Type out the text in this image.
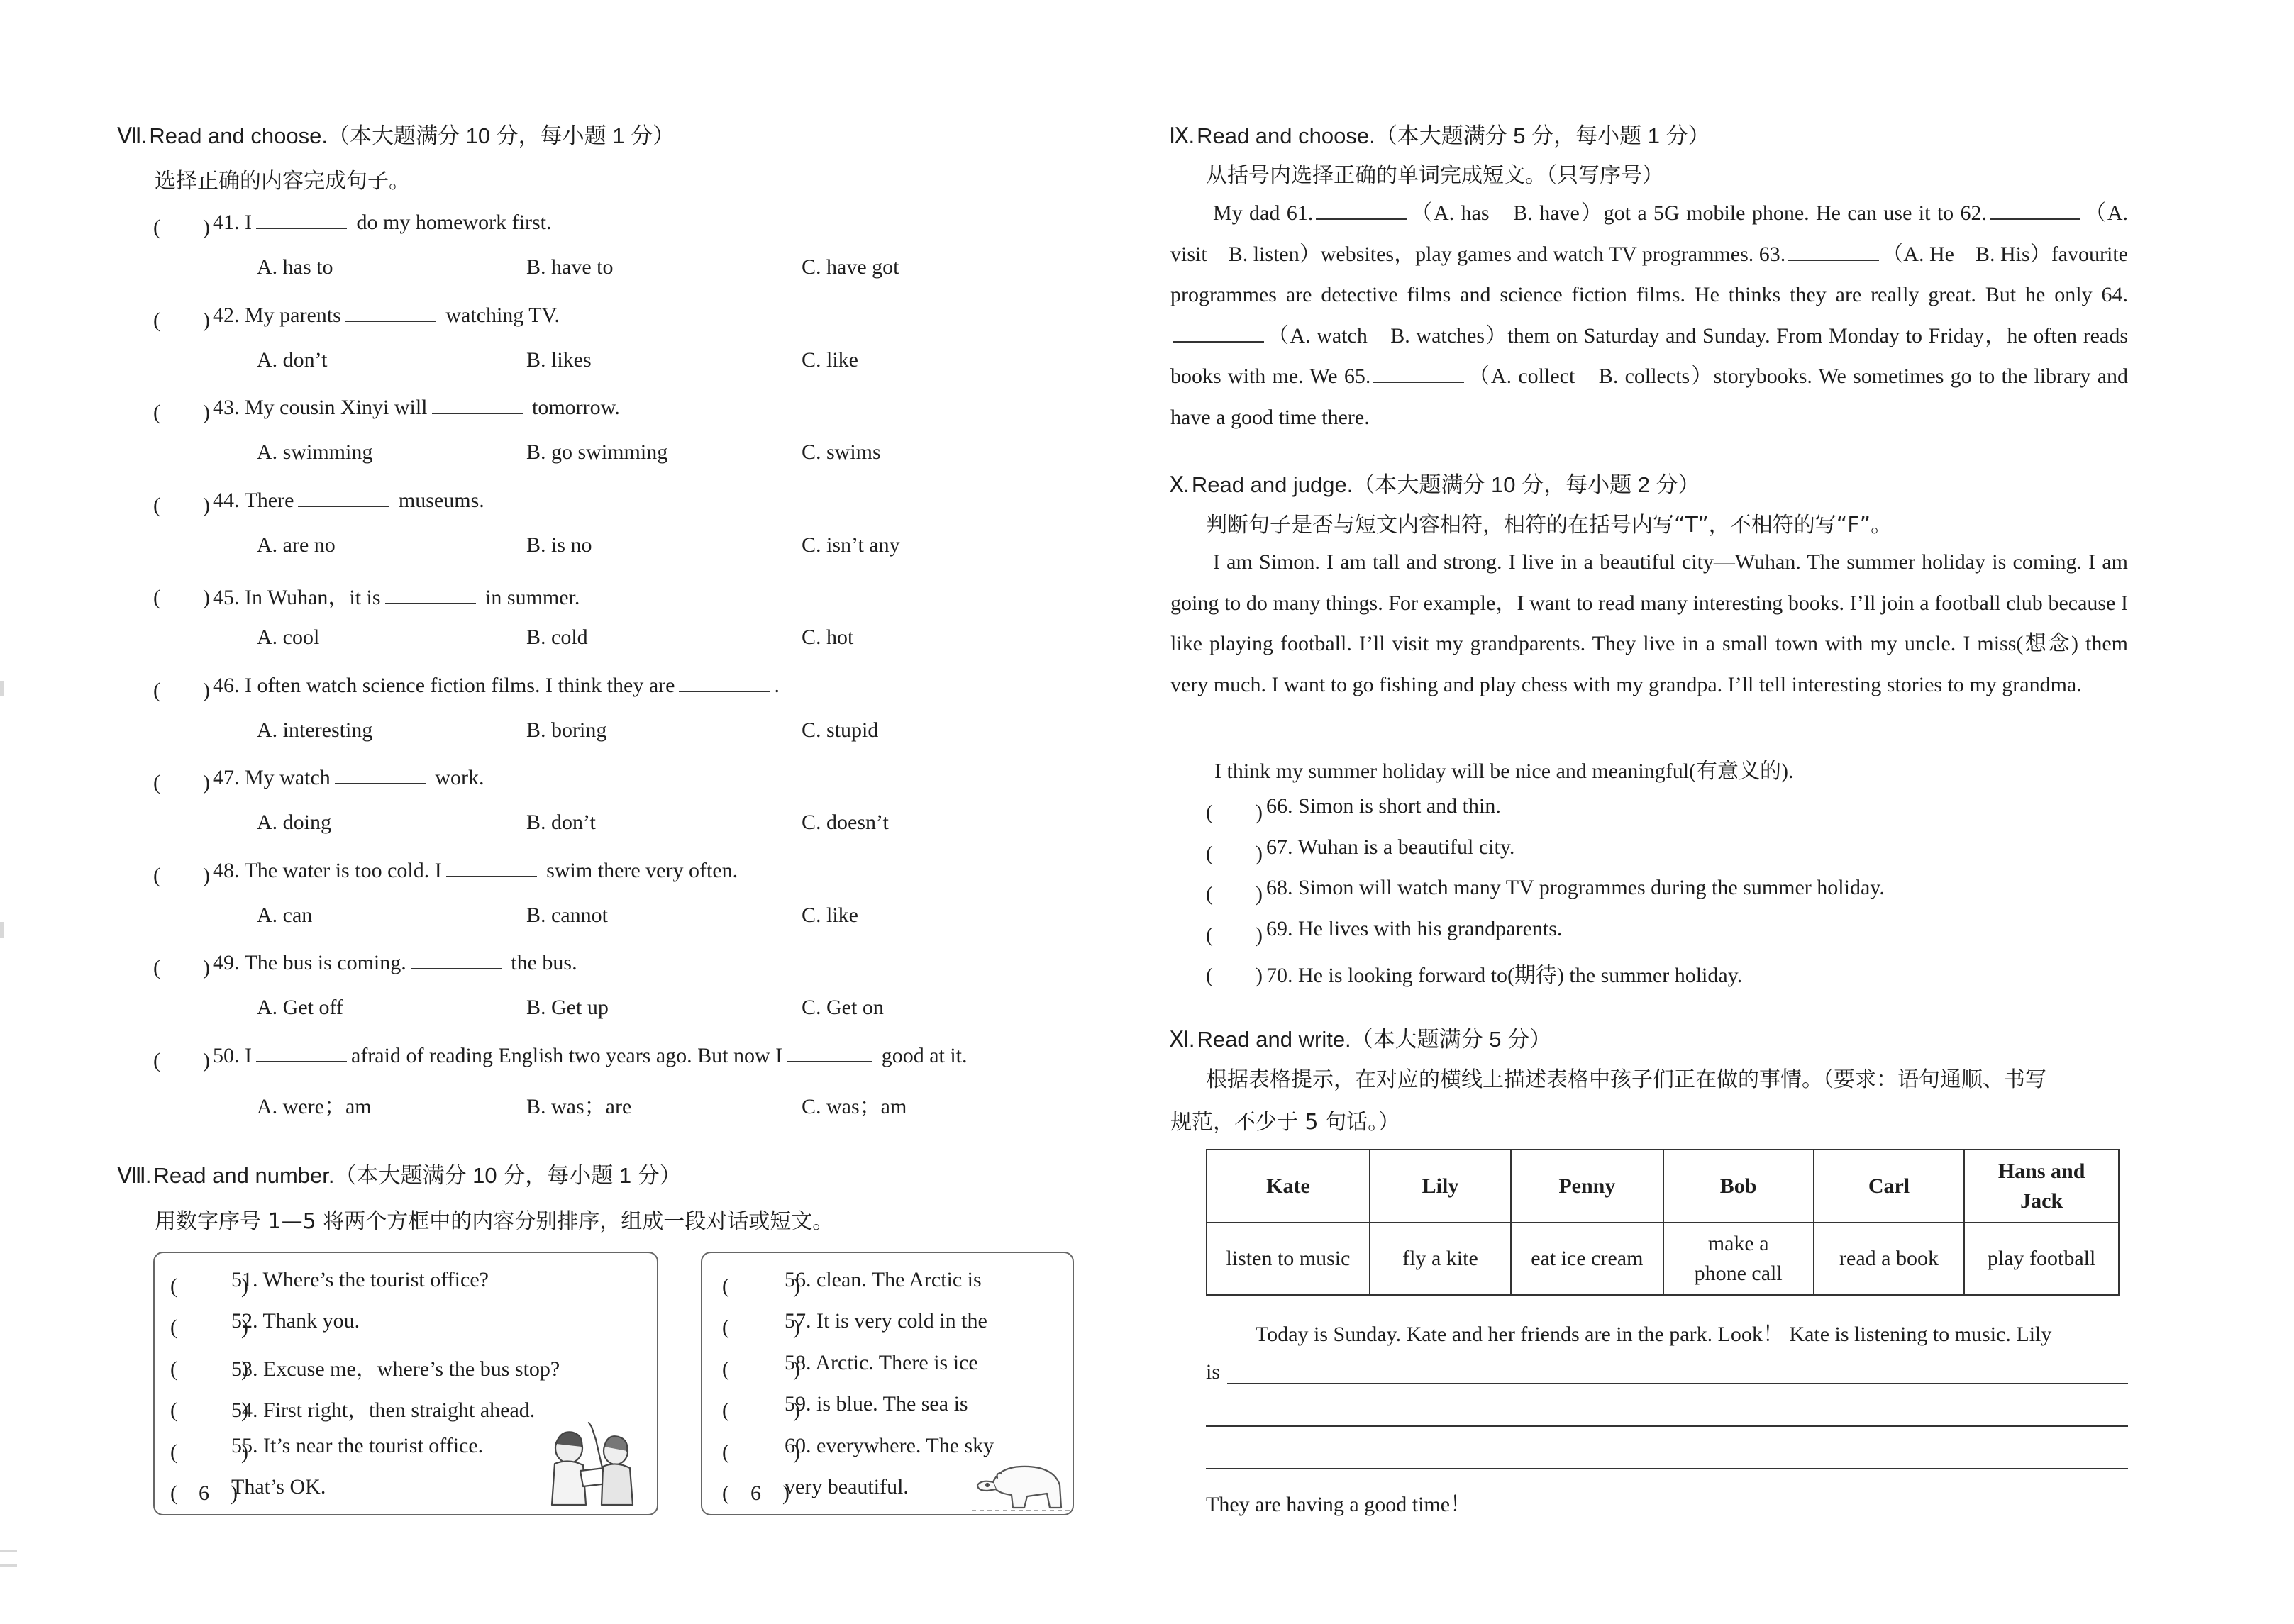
Ⅶ. Read and choose.（本大题满分 10 分，每小题 1 分）
选择正确的内容完成句子。
(　　) 41. I	do my homework first.
A. has to	B. have to	C. have got
(　　) 42. My parents	watching TV.
A. don’t	B. likes	C. like
(　　) 43. My cousin Xinyi will	tomorrow.
A. swimming	B. go swimming	C. swims
(　　) 44. There	museums.
A. are no	B. is no	C. isn’t any
(　　) 45. In Wuhan，it is	in summer.
A. cool	B. cold	C. hot
(　　) 46. I often watch science fiction films. I think they are	.
A. interesting	B. boring	C. stupid
(　　) 47. My watch	work.
A. doing	B. don’t	C. doesn’t
(　　) 48. The water is too cold. I	swim there very often.
A. can	B. cannot	C. like
(　　) 49. The bus is coming.	the bus.
A. Get off	B. Get up	C. Get on
(　　) 50. I	afraid of reading English two years ago. But now I	good at it.
A. were；am	B. was；are	C. was；am
Ⅷ. Read and number.（本大题满分 10 分，每小题 1 分）
用数字序号 1—5 将两个方框中的内容分别排序，组成一段对话或短文。
(　　　)
51. Where’s the tourist office?
(　　　)
52. Thank you.
(　　　)
53. Excuse me，where’s the bus stop?
(　　　)
54. First right，then straight ahead.
(　　　)
55. It’s near the tourist office.
(　6　)
That’s OK.
(　　　)
56. clean. The Arctic is
(　　　)
57. It is very cold in the
(　　　)
58. Arctic. There is ice
(　　　)
59. is blue. The sea is
(　　　)
60. everywhere. The sky
(　6　)
very beautiful.
Ⅸ. Read and choose.（本大题满分 5 分，每小题 1 分）
从括号内选择正确的单词完成短文。（只写序号）
My dad 61.	（A. has　B. have）got a 5G mobile phone. He can use it to 62.	（A. visit　B. listen）websites，play games and watch TV programmes. 63.	（A. He　B. His）favourite programmes are detective films and science fiction films. He thinks they are really great. But he only 64.（A. watch　B. watches）them on Saturday and Sunday. From Monday to Friday，he often reads books with me. We 65.	（A. collect　B. collects）storybooks. We sometimes go to the library and have a good time there.
Ⅹ. Read and judge.（本大题满分 10 分，每小题 2 分）
判断句子是否与短文内容相符，相符的在括号内写“T”，不相符的写“F”。
I am Simon. I am tall and strong. I live in a beautiful city—Wuhan. The summer holiday is coming. I am going to do many things. For example，I want to read many interesting books. I’ll join a football club because I like playing football. I’ll visit my grandparents. They live in a small town with my uncle. I miss(想念) them very much. I want to go fishing and play chess with my grandpa. I’ll tell interesting stories to my grandma.
I think my summer holiday will be nice and meaningful(有意义的).
(　　) 66. Simon is short and thin.
(　　) 67. Wuhan is a beautiful city.
(　　) 68. Simon will watch many TV programmes during the summer holiday.
(　　) 69. He lives with his grandparents.
(　　) 70. He is looking forward to(期待) the summer holiday.
Ⅺ. Read and write.（本大题满分 5 分）
根据表格提示，在对应的横线上描述表格中孩子们正在做的事情。（要求：语句通顺、书写
规范，不少于 5 句话。）
Kate	Lily	Penny	Bob	Carl	Hans and
Jack
listen to music	fly a kite	eat ice cream	make a
phone call	read a book	play football
Today is Sunday. Kate and her friends are in the park. Look！ Kate is listening to music. Lily
is
They are having a good time！
